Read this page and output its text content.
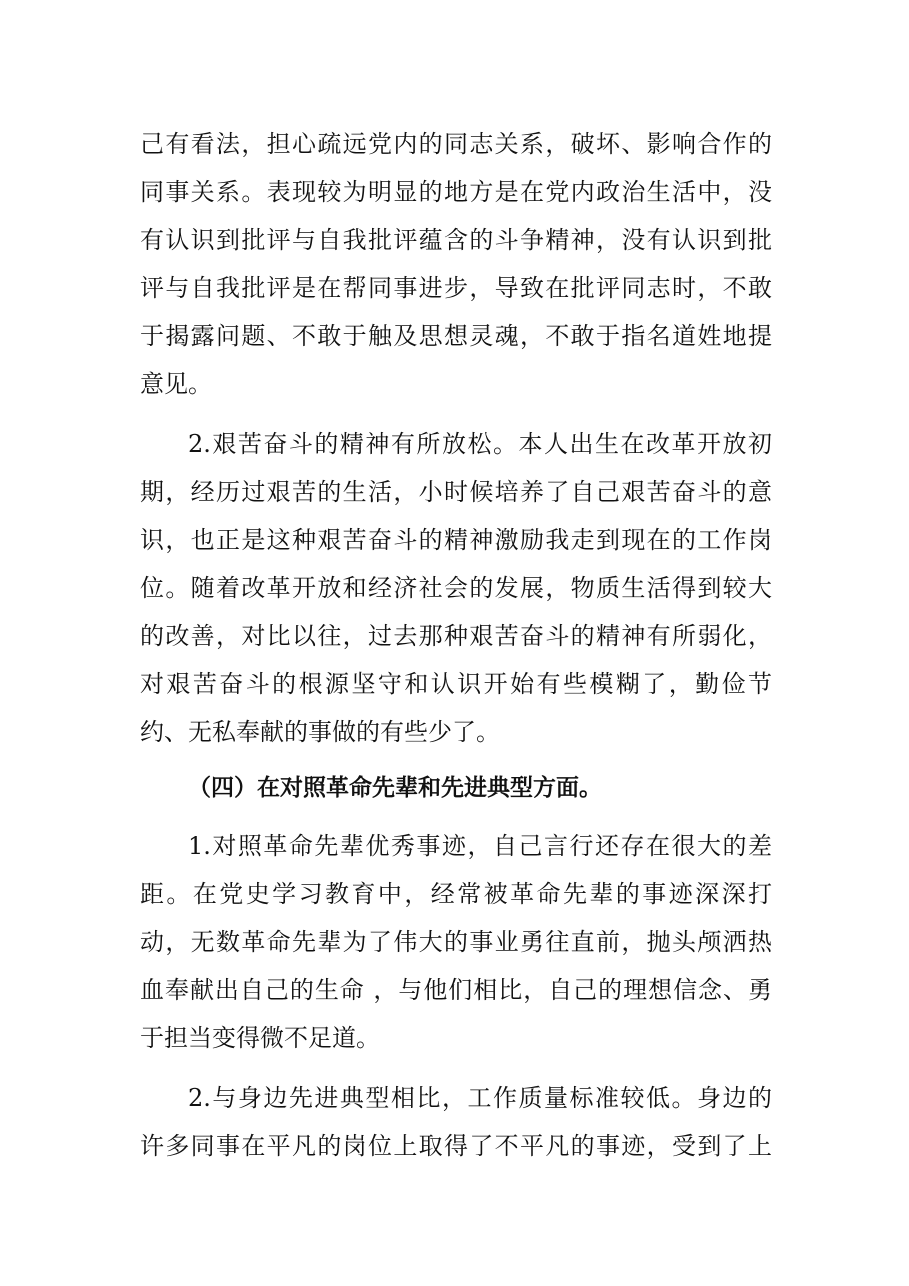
己有看法，担心疏远党内的同志关系，破坏、影响合作的
同事关系。表现较为明显的地方是在党内政治生活中，没
有认识到批评与自我批评蕴含的斗争精神，没有认识到批
评与自我批评是在帮同事进步，导致在批评同志时，不敢
于揭露问题、不敢于触及思想灵魂，不敢于指名道姓地提
意见。
2.艰苦奋斗的精神有所放松。本人出生在改革开放初
期，经历过艰苦的生活，小时候培养了自己艰苦奋斗的意
识，也正是这种艰苦奋斗的精神激励我走到现在的工作岗
位。随着改革开放和经济社会的发展，物质生活得到较大
的改善，对比以往，过去那种艰苦奋斗的精神有所弱化，
对艰苦奋斗的根源坚守和认识开始有些模糊了，勤俭节
约、无私奉献的事做的有些少了。
（四）在对照革命先辈和先进典型方面。
1.对照革命先辈优秀事迹，自己言行还存在很大的差
距。在党史学习教育中，经常被革命先辈的事迹深深打
动，无数革命先辈为了伟大的事业勇往直前，抛头颅洒热
血奉献出自己的生命 ，与他们相比，自己的理想信念、勇
于担当变得微不足道。
2.与身边先进典型相比，工作质量标准较低。身边的
许多同事在平凡的岗位上取得了不平凡的事迹，受到了上
